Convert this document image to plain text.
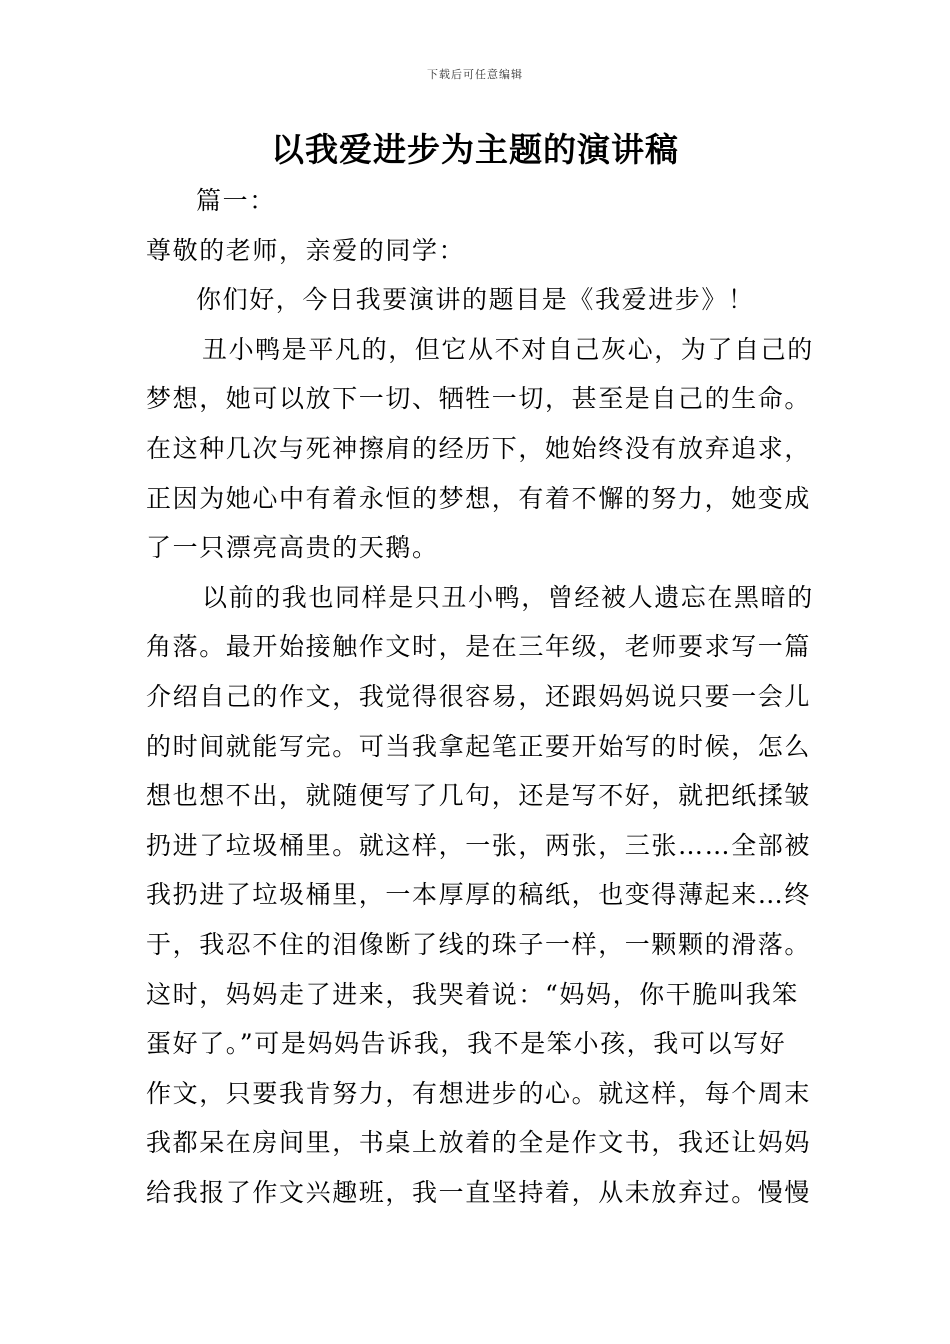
下载后可任意编辑
以我爱进步为主题的演讲稿
篇一：
尊敬的老师，亲爱的同学：
你们好，今日我要演讲的题目是《我爱进步》！
丑小鸭是平凡的，但它从不对自己灰心，为了自己的
梦想，她可以放下一切、牺牲一切，甚至是自己的生命。
在这种几次与死神擦肩的经历下，她始终没有放弃追求，
正因为她心中有着永恒的梦想，有着不懈的努力，她变成
了一只漂亮高贵的天鹅。
以前的我也同样是只丑小鸭，曾经被人遗忘在黑暗的
角落。最开始接触作文时，是在三年级，老师要求写一篇
介绍自己的作文，我觉得很容易，还跟妈妈说只要一会儿
的时间就能写完。可当我拿起笔正要开始写的时候，怎么
想也想不出，就随便写了几句，还是写不好，就把纸揉皱
扔进了垃圾桶里。就这样，一张，两张，三张……全部被
我扔进了垃圾桶里，一本厚厚的稿纸，也变得薄起来…终
于，我忍不住的泪像断了线的珠子一样，一颗颗的滑落。
这时，妈妈走了进来，我哭着说：“妈妈，你干脆叫我笨
蛋好了。”可是妈妈告诉我，我不是笨小孩，我可以写好
作文，只要我肯努力，有想进步的心。就这样，每个周末
我都呆在房间里，书桌上放着的全是作文书，我还让妈妈
给我报了作文兴趣班，我一直坚持着，从未放弃过。慢慢
